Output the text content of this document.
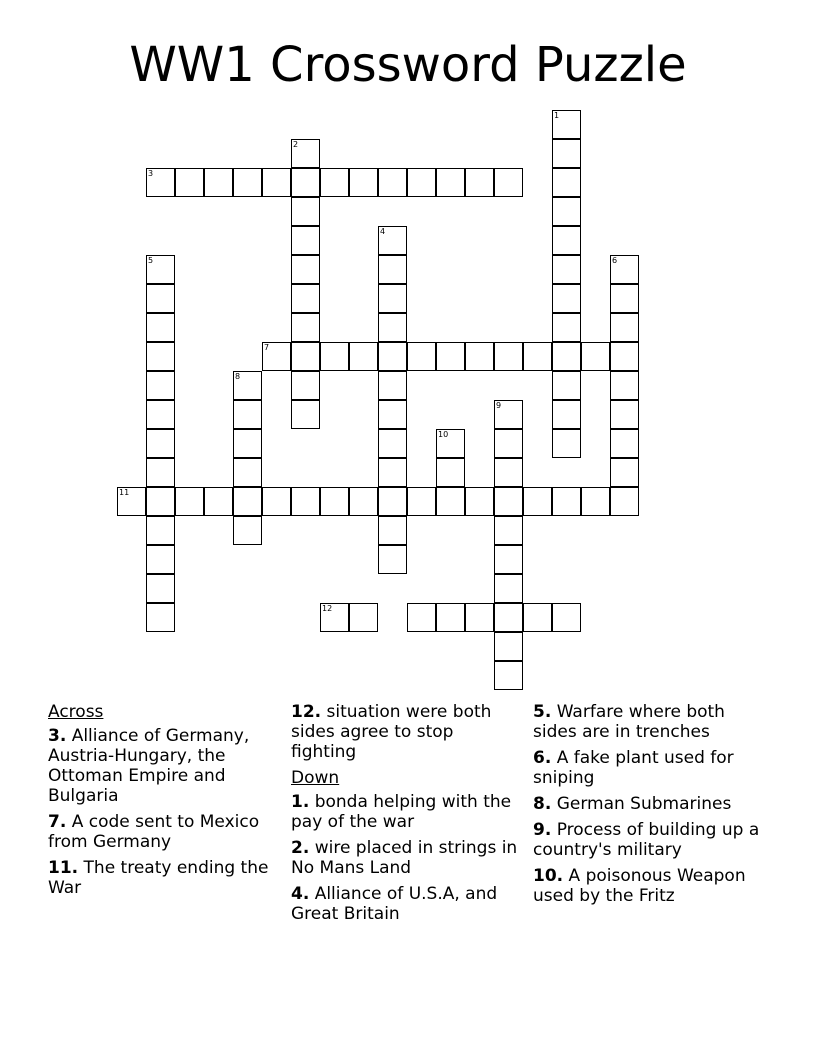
WW1 Crossword Puzzle
1
2
3
4
5	6
7
8
9
10
11
12
Across
3. Alliance of Germany, Austria-Hungary, the Ottoman Empire and Bulgaria
7. A code sent to Mexico from Germany
11. The treaty ending the War
12. situation were both sides agree to stop fighting
Down
1. bonda helping with the pay of the war
2. wire placed in strings in No Mans Land
4. Alliance of U.S.A, and Great Britain
5. Warfare where both sides are in trenches
6. A fake plant used for sniping
8. German Submarines
9. Process of building up a country's military
10. A poisonous Weapon used by the Fritz
